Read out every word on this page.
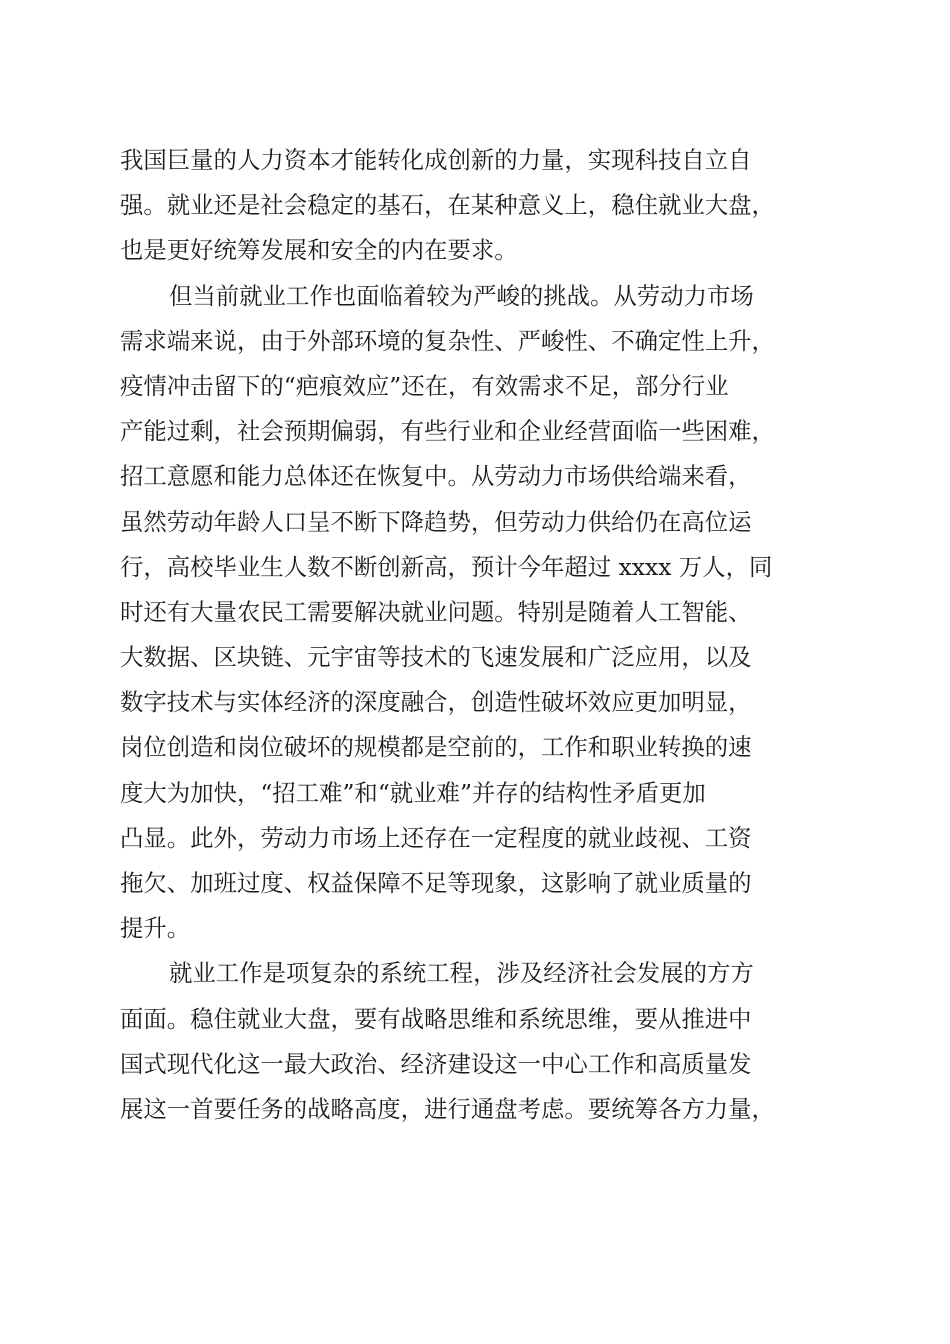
我国巨量的人力资本才能转化成创新的力量，实现科技自立自
强。就业还是社会稳定的基石，在某种意义上，稳住就业大盘，
也是更好统筹发展和安全的内在要求。
但当前就业工作也面临着较为严峻的挑战。从劳动力市场
需求端来说，由于外部环境的复杂性、严峻性、不确定性上升，
疫情冲击留下的“疤痕效应”还在，有效需求不足，部分行业
产能过剩，社会预期偏弱，有些行业和企业经营面临一些困难，
招工意愿和能力总体还在恢复中。从劳动力市场供给端来看，
虽然劳动年龄人口呈不断下降趋势，但劳动力供给仍在高位运
行，高校毕业生人数不断创新高，预计今年超过 xxxx 万人，同
时还有大量农民工需要解决就业问题。特别是随着人工智能、
大数据、区块链、元宇宙等技术的飞速发展和广泛应用，以及
数字技术与实体经济的深度融合，创造性破坏效应更加明显，
岗位创造和岗位破坏的规模都是空前的，工作和职业转换的速
度大为加快，“招工难”和“就业难”并存的结构性矛盾更加
凸显。此外，劳动力市场上还存在一定程度的就业歧视、工资
拖欠、加班过度、权益保障不足等现象，这影响了就业质量的
提升。
就业工作是项复杂的系统工程，涉及经济社会发展的方方
面面。稳住就业大盘，要有战略思维和系统思维，要从推进中
国式现代化这一最大政治、经济建设这一中心工作和高质量发
展这一首要任务的战略高度，进行通盘考虑。要统筹各方力量，
